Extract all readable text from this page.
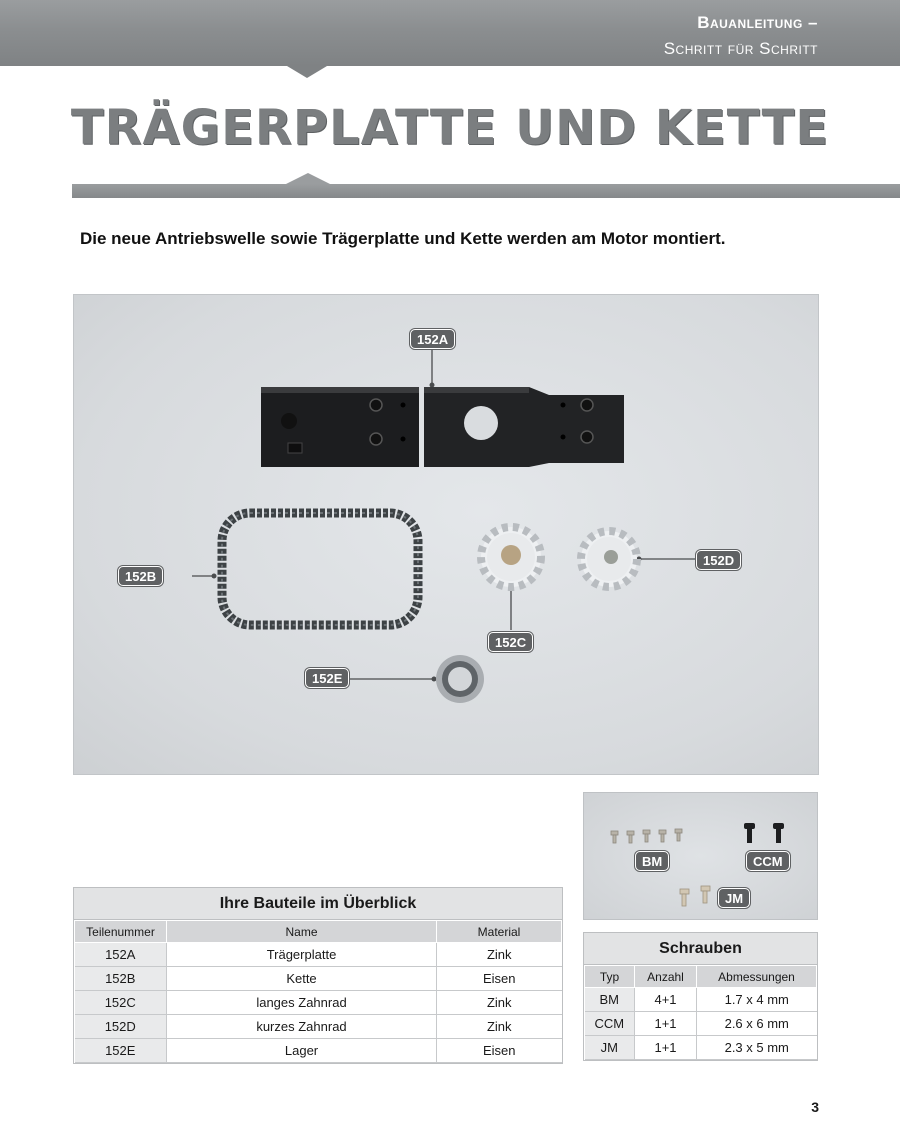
Bauanleitung –
Schritt für Schritt
TRÄGERPLATTE UND KETTE

Die neue Antriebswelle sowie Trägerplatte und Kette werden am Motor montiert.

152A
152B
152C
152D
152E
BM	CCM
JM
Ihre Bauteile im Überblick
Teilenummer	Name	Material
152A	Trägerplatte	Zink
152B	Kette	Eisen
152C	langes Zahnrad	Zink
152D	kurzes Zahnrad	Zink
152E	Lager	Eisen
Schrauben
Typ	Anzahl	Abmessungen
BM	4+1	1.7 x 4 mm
CCM	1+1	2.6 x 6 mm
JM	1+1	2.3 x 5 mm
3
